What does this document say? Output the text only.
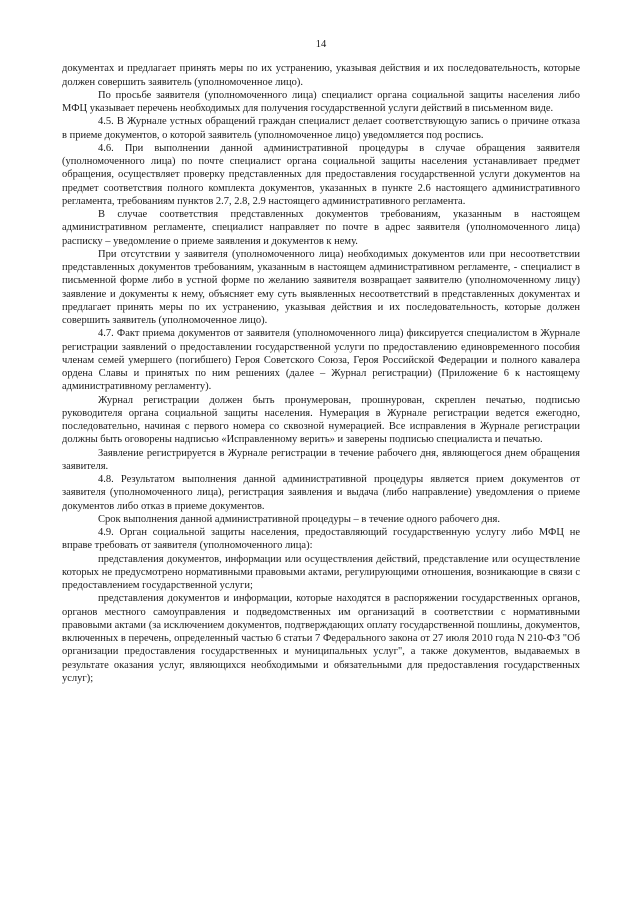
14

документах и предлагает принять меры по их устранению, указывая действия и их последовательность, которые должен совершить заявитель (уполномоченное лицо).

По просьбе заявителя (уполномоченного лица) специалист органа социальной защиты населения либо МФЦ указывает перечень необходимых для получения государственной услуги действий в письменном виде.

4.5. В Журнале устных обращений граждан специалист делает соответствующую запись о причине отказа в приеме документов, о которой заявитель (уполномоченное лицо) уведомляется под роспись.

4.6. При выполнении данной административной процедуры в случае обращения заявителя (уполномоченного лица) по почте специалист органа социальной защиты населения устанавливает предмет обращения, осуществляет проверку представленных для предоставления государственной услуги документов на предмет соответствия полного комплекта документов, указанных в пункте 2.6 настоящего административного регламента, требованиям пунктов 2.7, 2.8, 2.9 настоящего административного регламента.

В случае соответствия представленных документов требованиям, указанным в настоящем административном регламенте, специалист направляет по почте в адрес заявителя (уполномоченного лица) расписку – уведомление о приеме заявления и документов к нему.

При отсутствии у заявителя (уполномоченного лица) необходимых документов или при несоответствии представленных документов требованиям, указанным в настоящем административном регламенте, - специалист в письменной форме либо в устной форме по желанию заявителя возвращает заявителю (уполномоченному лицу) заявление и документы к нему, объясняет ему суть выявленных несоответствий в представленных документах и предлагает принять меры по их устранению, указывая действия и их последовательность, которые должен совершить заявитель (уполномоченное лицо).

4.7. Факт приема документов от заявителя (уполномоченного лица) фиксируется специалистом в Журнале регистрации заявлений о предоставлении государственной услуги по предоставлению единовременного пособия членам семей умершего (погибшего) Героя Советского Союза, Героя Российской Федерации и полного кавалера ордена Славы и принятых по ним решениях (далее – Журнал регистрации) (Приложение 6 к настоящему административному регламенту).

Журнал регистрации должен быть пронумерован, прошнурован, скреплен печатью, подписью руководителя органа социальной защиты населения. Нумерация в Журнале регистрации ведется ежегодно, последовательно, начиная с первого номера со сквозной нумерацией. Все исправления в Журнале регистрации должны быть оговорены надписью «Исправленному верить» и заверены подписью специалиста и печатью.

Заявление регистрируется в Журнале регистрации в течение рабочего дня, являющегося днем обращения заявителя.

4.8. Результатом выполнения данной административной процедуры является прием документов от заявителя (уполномоченного лица), регистрация заявления и выдача (либо направление) уведомления о приеме документов либо отказ в приеме документов.

Срок выполнения данной административной процедуры – в течение одного рабочего дня.

4.9. Орган социальной защиты населения, предоставляющий государственную услугу либо МФЦ не вправе требовать от заявителя (уполномоченного лица):

представления документов, информации или осуществления действий, представление или осуществление которых не предусмотрено нормативными правовыми актами, регулирующими отношения, возникающие в связи с предоставлением государственной услуги;

представления документов и информации, которые находятся в распоряжении государственных органов, органов местного самоуправления и подведомственных им организаций в соответствии с нормативными правовыми актами (за исключением документов, подтверждающих оплату государственной пошлины, документов, включенных в перечень, определенный частью 6 статьи 7 Федерального закона от 27 июля 2010 года N 210-ФЗ "Об организации предоставления государственных и муниципальных услуг", а также документов, выдаваемых в результате оказания услуг, являющихся необходимыми и обязательными для предоставления государственных услуг);
